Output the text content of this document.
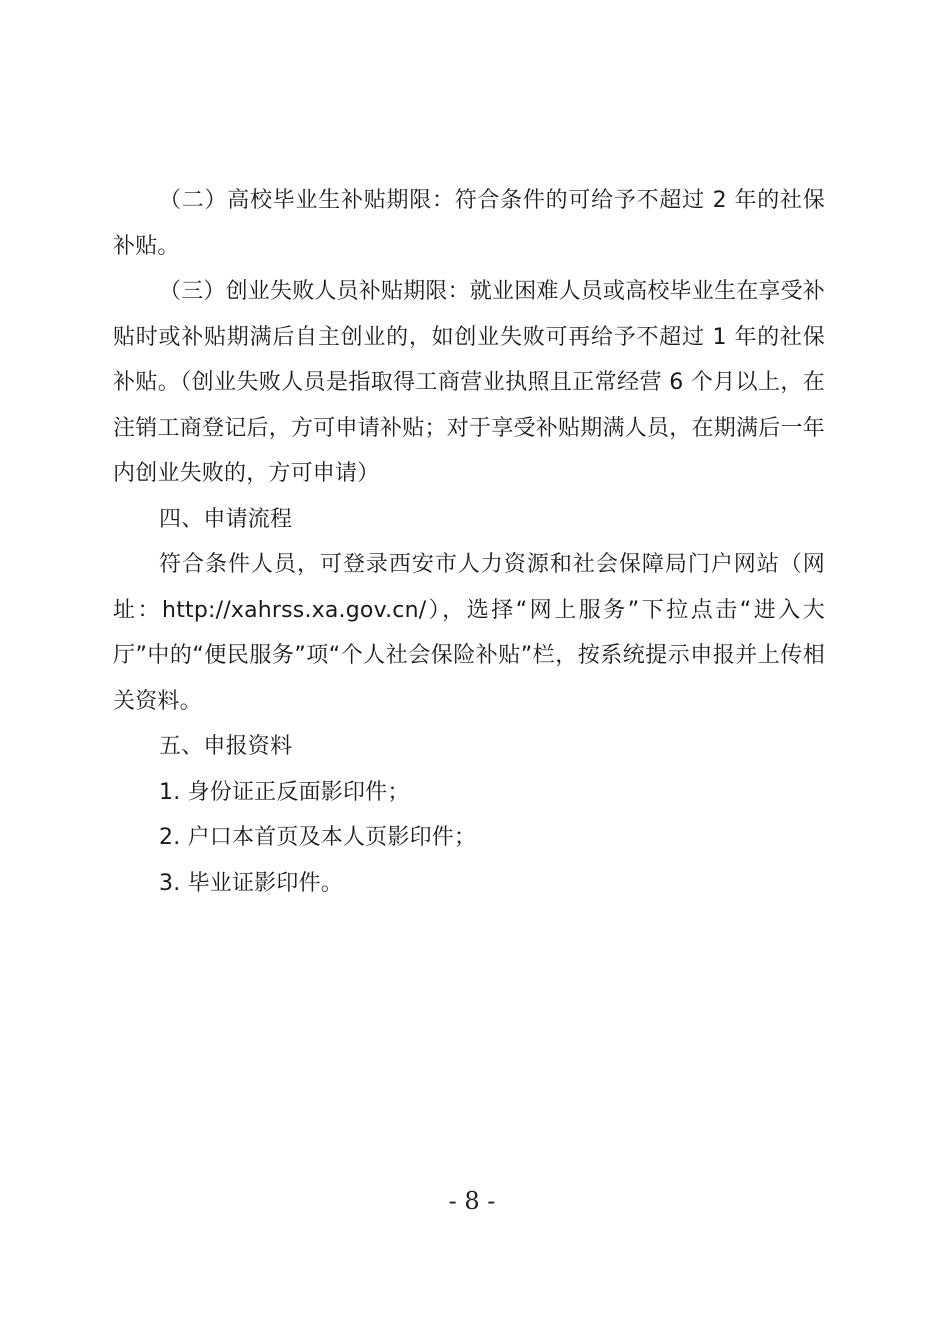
（二）高校毕业生补贴期限：符合条件的可给予不超过 2 年的社保补贴。

（三）创业失败人员补贴期限：就业困难人员或高校毕业生在享受补贴时或补贴期满后自主创业的，如创业失败可再给予不超过 1 年的社保补贴。（创业失败人员是指取得工商营业执照且正常经营 6 个月以上，在注销工商登记后，方可申请补贴；对于享受补贴期满人员，在期满后一年内创业失败的，方可申请）

四、申请流程

符合条件人员，可登录西安市人力资源和社会保障局门户网站（网址：http://xahrss.xa.gov.cn/），选择“网上服务”下拉点击“进入大厅”中的“便民服务”项“个人社会保险补贴”栏，按系统提示申报并上传相关资料。

五、申报资料

1. 身份证正反面影印件；

2. 户口本首页及本人页影印件；

3. 毕业证影印件。

- 8 -
